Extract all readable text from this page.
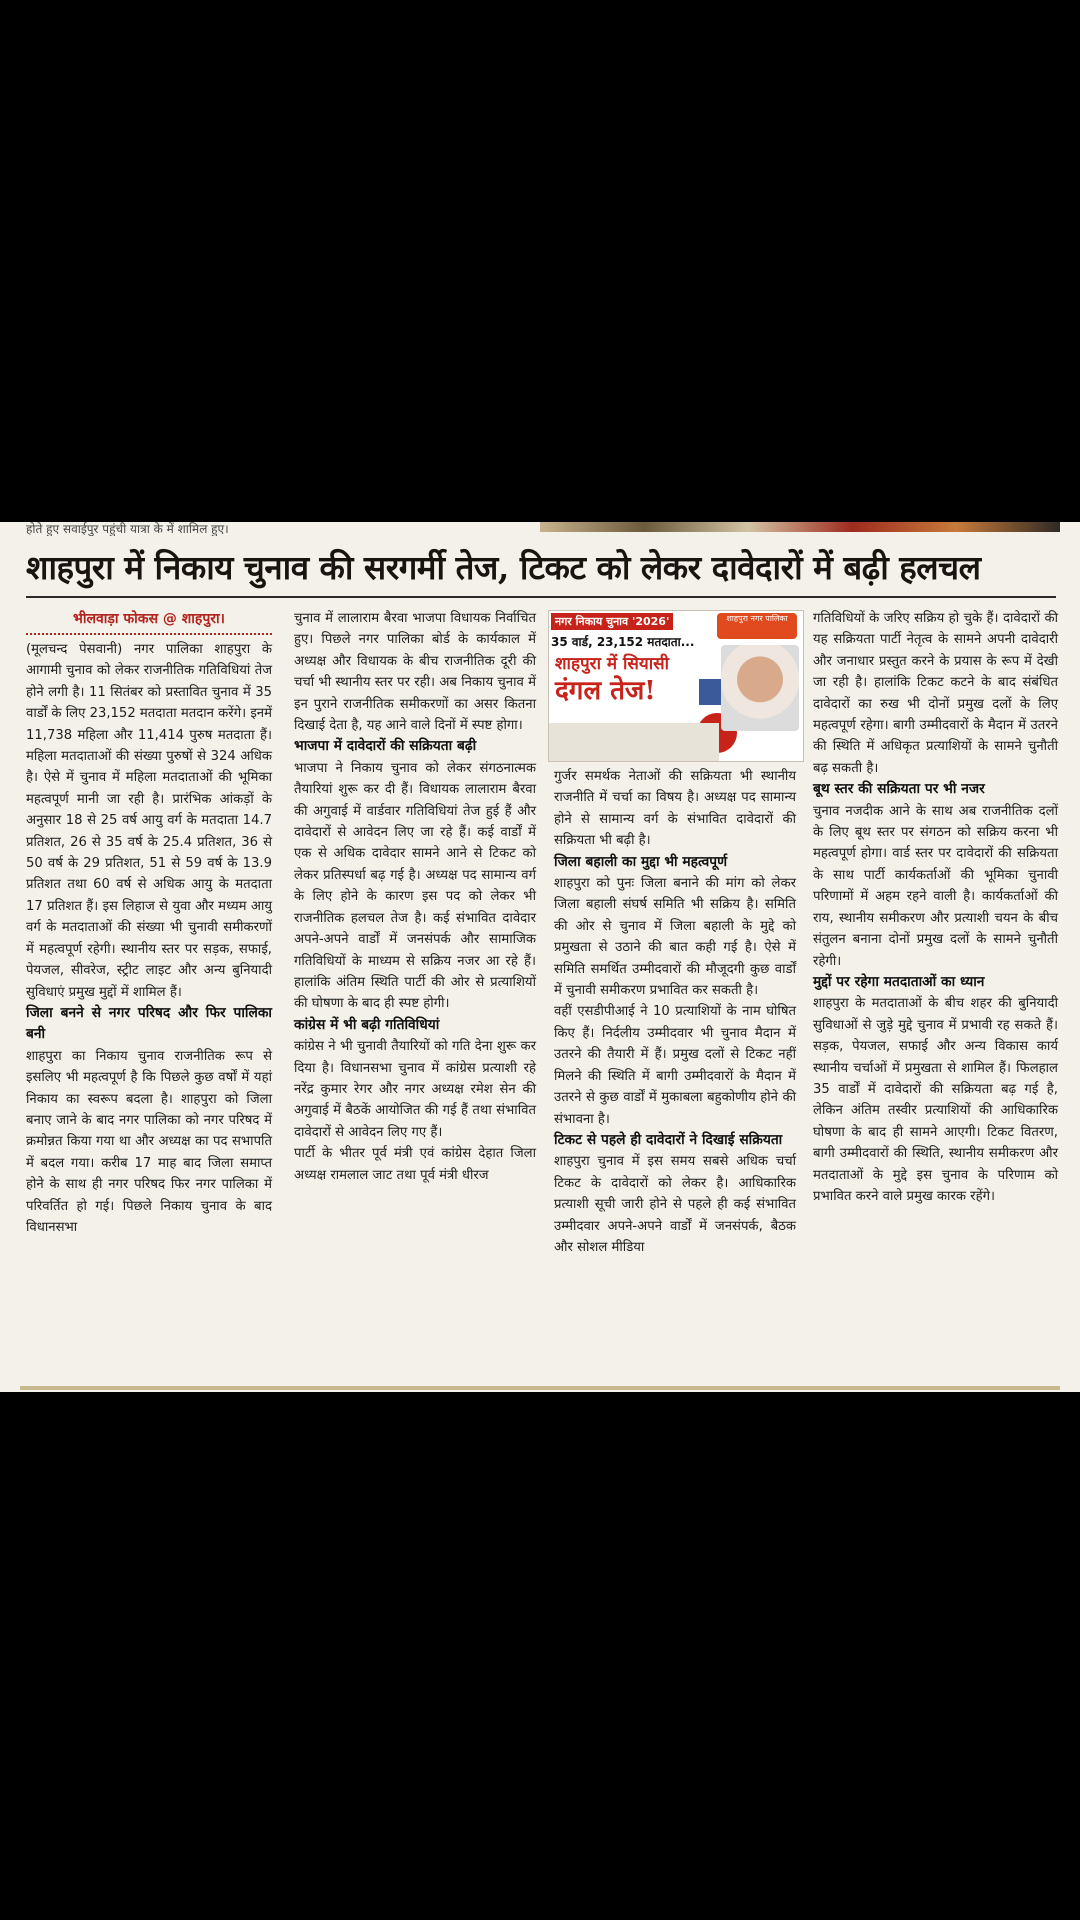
होते हुए सवाईपुर पहुंची यात्रा के में शामिल हुए।
शाहपुरा में निकाय चुनाव की सरगर्मी तेज, टिकट को लेकर दावेदारों में बढ़ी हलचल
भीलवाड़ा फोकस @ शाहपुरा।

(मूलचन्द पेसवानी) नगर पालिका शाहपुरा के आगामी चुनाव को लेकर राजनीतिक गतिविधियां तेज होने लगी है। 11 सितंबर को प्रस्तावित चुनाव में 35 वार्डों के लिए 23,152 मतदाता मतदान करेंगे। इनमें 11,738 महिला और 11,414 पुरुष मतदाता हैं। महिला मतदाताओं की संख्या पुरुषों से 324 अधिक है। ऐसे में चुनाव में महिला मतदाताओं की भूमिका महत्वपूर्ण मानी जा रही है। प्रारंभिक आंकड़ों के अनुसार 18 से 25 वर्ष आयु वर्ग के मतदाता 14.7 प्रतिशत, 26 से 35 वर्ष के 25.4 प्रतिशत, 36 से 50 वर्ष के 29 प्रतिशत, 51 से 59 वर्ष के 13.9 प्रतिशत तथा 60 वर्ष से अधिक आयु के मतदाता 17 प्रतिशत हैं। इस लिहाज से युवा और मध्यम आयु वर्ग के मतदाताओं की संख्या भी चुनावी समीकरणों में महत्वपूर्ण रहेगी। स्थानीय स्तर पर सड़क, सफाई, पेयजल, सीवरेज, स्ट्रीट लाइट और अन्य बुनियादी सुविधाएं प्रमुख मुद्दों में शामिल हैं।

जिला बनने से नगर परिषद और फिर पालिका बनी

शाहपुरा का निकाय चुनाव राजनीतिक रूप से इसलिए भी महत्वपूर्ण है कि पिछले कुछ वर्षों में यहां निकाय का स्वरूप बदला है। शाहपुरा को जिला बनाए जाने के बाद नगर पालिका को नगर परिषद में क्रमोन्नत किया गया था और अध्यक्ष का पद सभापति में बदल गया। करीब 17 माह बाद जिला समाप्त होने के साथ ही नगर परिषद फिर नगर पालिका में परिवर्तित हो गई। पिछले निकाय चुनाव के बाद विधानसभा

चुनाव में लालाराम बैरवा भाजपा विधायक निर्वाचित हुए। पिछले नगर पालिका बोर्ड के कार्यकाल में अध्यक्ष और विधायक के बीच राजनीतिक दूरी की चर्चा भी स्थानीय स्तर पर रही। अब निकाय चुनाव में इन पुराने राजनीतिक समीकरणों का असर कितना दिखाई देता है, यह आने वाले दिनों में स्पष्ट होगा।

भाजपा में दावेदारों की सक्रियता बढ़ी

भाजपा ने निकाय चुनाव को लेकर संगठनात्मक तैयारियां शुरू कर दी हैं। विधायक लालाराम बैरवा की अगुवाई में वार्डवार गतिविधियां तेज हुई हैं और दावेदारों से आवेदन लिए जा रहे हैं। कई वार्डों में एक से अधिक दावेदार सामने आने से टिकट को लेकर प्रतिस्पर्धा बढ़ गई है। अध्यक्ष पद सामान्य वर्ग के लिए होने के कारण इस पद को लेकर भी राजनीतिक हलचल तेज है। कई संभावित दावेदार अपने-अपने वार्डों में जनसंपर्क और सामाजिक गतिविधियों के माध्यम से सक्रिय नजर आ रहे हैं। हालांकि अंतिम स्थिति पार्टी की ओर से प्रत्याशियों की घोषणा के बाद ही स्पष्ट होगी।

कांग्रेस में भी बढ़ी गतिविधियां

कांग्रेस ने भी चुनावी तैयारियों को गति देना शुरू कर दिया है। विधानसभा चुनाव में कांग्रेस प्रत्याशी रहे नरेंद्र कुमार रेगर और नगर अध्यक्ष रमेश सेन की अगुवाई में बैठकें आयोजित की गई हैं तथा संभावित दावेदारों से आवेदन लिए गए हैं।

पार्टी के भीतर पूर्व मंत्री एवं कांग्रेस देहात जिला अध्यक्ष रामलाल जाट तथा पूर्व मंत्री धीरज

नगर निकाय चुनाव '2026'	शाहपुरा नगर पालिका
35 वार्ड, 23,152 मतदाता...
शाहपुरा में सियासी
दंगल तेज!

गुर्जर समर्थक नेताओं की सक्रियता भी स्थानीय राजनीति में चर्चा का विषय है। अध्यक्ष पद सामान्य होने से सामान्य वर्ग के संभावित दावेदारों की सक्रियता भी बढ़ी है।

जिला बहाली का मुद्दा भी महत्वपूर्ण

शाहपुरा को पुनः जिला बनाने की मांग को लेकर जिला बहाली संघर्ष समिति भी सक्रिय है। समिति की ओर से चुनाव में जिला बहाली के मुद्दे को प्रमुखता से उठाने की बात कही गई है। ऐसे में समिति समर्थित उम्मीदवारों की मौजूदगी कुछ वार्डों में चुनावी समीकरण प्रभावित कर सकती है।

वहीं एसडीपीआई ने 10 प्रत्याशियों के नाम घोषित किए हैं। निर्दलीय उम्मीदवार भी चुनाव मैदान में उतरने की तैयारी में हैं। प्रमुख दलों से टिकट नहीं मिलने की स्थिति में बागी उम्मीदवारों के मैदान में उतरने से कुछ वार्डों में मुकाबला बहुकोणीय होने की संभावना है।

टिकट से पहले ही दावेदारों ने दिखाई सक्रियता

शाहपुरा चुनाव में इस समय सबसे अधिक चर्चा टिकट के दावेदारों को लेकर है। आधिकारिक प्रत्याशी सूची जारी होने से पहले ही कई संभावित उम्मीदवार अपने-अपने वार्डों में जनसंपर्क, बैठक और सोशल मीडिया

गतिविधियों के जरिए सक्रिय हो चुके हैं। दावेदारों की यह सक्रियता पार्टी नेतृत्व के सामने अपनी दावेदारी और जनाधार प्रस्तुत करने के प्रयास के रूप में देखी जा रही है। हालांकि टिकट कटने के बाद संबंधित दावेदारों का रुख भी दोनों प्रमुख दलों के लिए महत्वपूर्ण रहेगा। बागी उम्मीदवारों के मैदान में उतरने की स्थिति में अधिकृत प्रत्याशियों के सामने चुनौती बढ़ सकती है।

बूथ स्तर की सक्रियता पर भी नजर

चुनाव नजदीक आने के साथ अब राजनीतिक दलों के लिए बूथ स्तर पर संगठन को सक्रिय करना भी महत्वपूर्ण होगा। वार्ड स्तर पर दावेदारों की सक्रियता के साथ पार्टी कार्यकर्ताओं की भूमिका चुनावी परिणामों में अहम रहने वाली है। कार्यकर्ताओं की राय, स्थानीय समीकरण और प्रत्याशी चयन के बीच संतुलन बनाना दोनों प्रमुख दलों के सामने चुनौती रहेगी।

मुद्दों पर रहेगा मतदाताओं का ध्यान

शाहपुरा के मतदाताओं के बीच शहर की बुनियादी सुविधाओं से जुड़े मुद्दे चुनाव में प्रभावी रह सकते हैं। सड़क, पेयजल, सफाई और अन्य विकास कार्य स्थानीय चर्चाओं में प्रमुखता से शामिल हैं। फिलहाल 35 वार्डों में दावेदारों की सक्रियता बढ़ गई है, लेकिन अंतिम तस्वीर प्रत्याशियों की आधिकारिक घोषणा के बाद ही सामने आएगी। टिकट वितरण, बागी उम्मीदवारों की स्थिति, स्थानीय समीकरण और मतदाताओं के मुद्दे इस चुनाव के परिणाम को प्रभावित करने वाले प्रमुख कारक रहेंगे।
